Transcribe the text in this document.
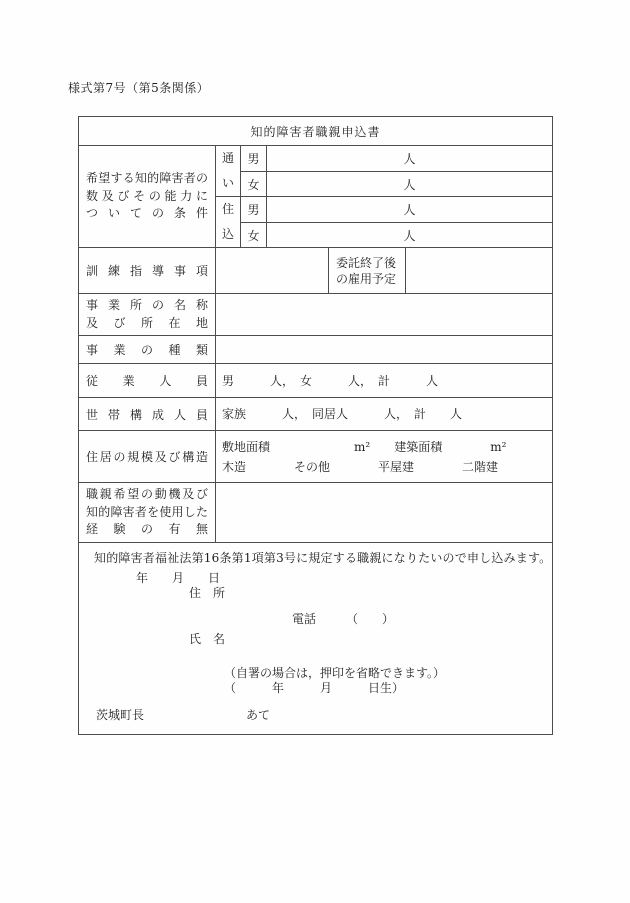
様式第7号（第5条関係）
知的障害者職親申込書					

希望する知的障害者の
数及びその能力に
ついての条件	通い	男	人		
		女	人		

	住込	男	人		
		女	人		
訓練指導事項				委託終了後の雇用予定	

事業所の名称
及び所在地					

事業の種類					
従業人員	男　　　人，　女　　　人，　計　　　人				

世帯構成人員	家族　　　人，　同居人　　　人，　計　　人				

住居の規模及び構造	敷地面積　　　　　　　m²　　建築面積　　　　m²
木造　　　　その他　　　　平屋建　　　　二階建				

職親希望の動機及び
知的障害者を使用した
経験の有無					

知的障害者福祉法第16条第1項第3号に規定する職親になりたいので申し込みます。
年　　月　　日
住　所
電話　　　（　　）
氏　名
（自署の場合は，押印を省略できます。）
（　　　年　　　月　　　日生）
茨城町長	あて
